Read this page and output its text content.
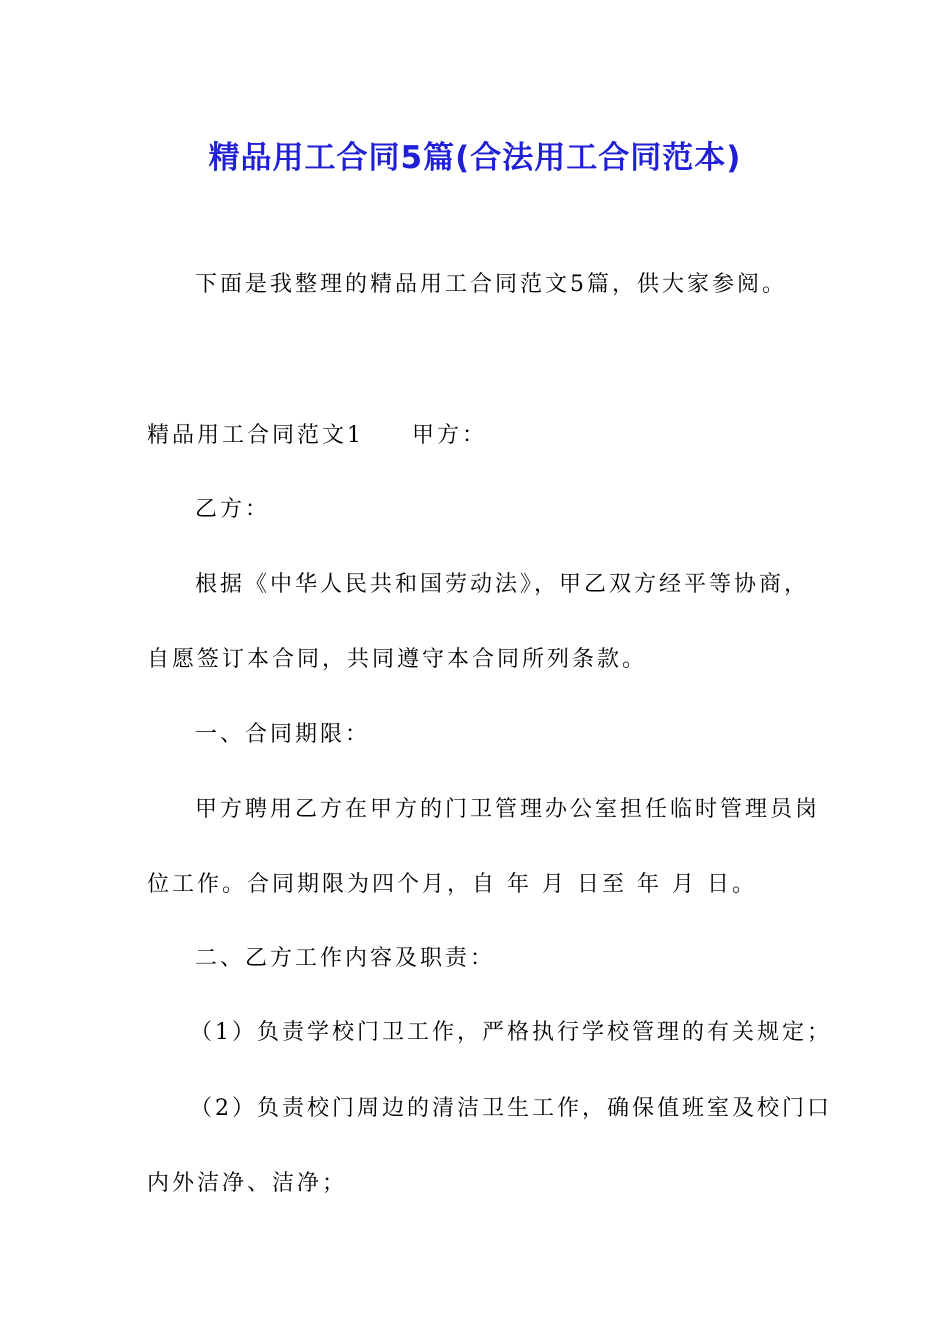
精品用工合同5篇(合法用工合同范本)
下面是我整理的精品用工合同范文5篇，供大家参阅。
精品用工合同范文1 甲方：
乙方：
根据《中华人民共和国劳动法》，甲乙双方经平等协商，
自愿签订本合同，共同遵守本合同所列条款。
一、合同期限：
甲方聘用乙方在甲方的门卫管理办公室担任临时管理员岗
位工作。合同期限为四个月，自 年 月 日至 年 月 日。
二、乙方工作内容及职责：
（1）负责学校门卫工作，严格执行学校管理的有关规定；
（2）负责校门周边的清洁卫生工作，确保值班室及校门口
内外洁净、洁净；
